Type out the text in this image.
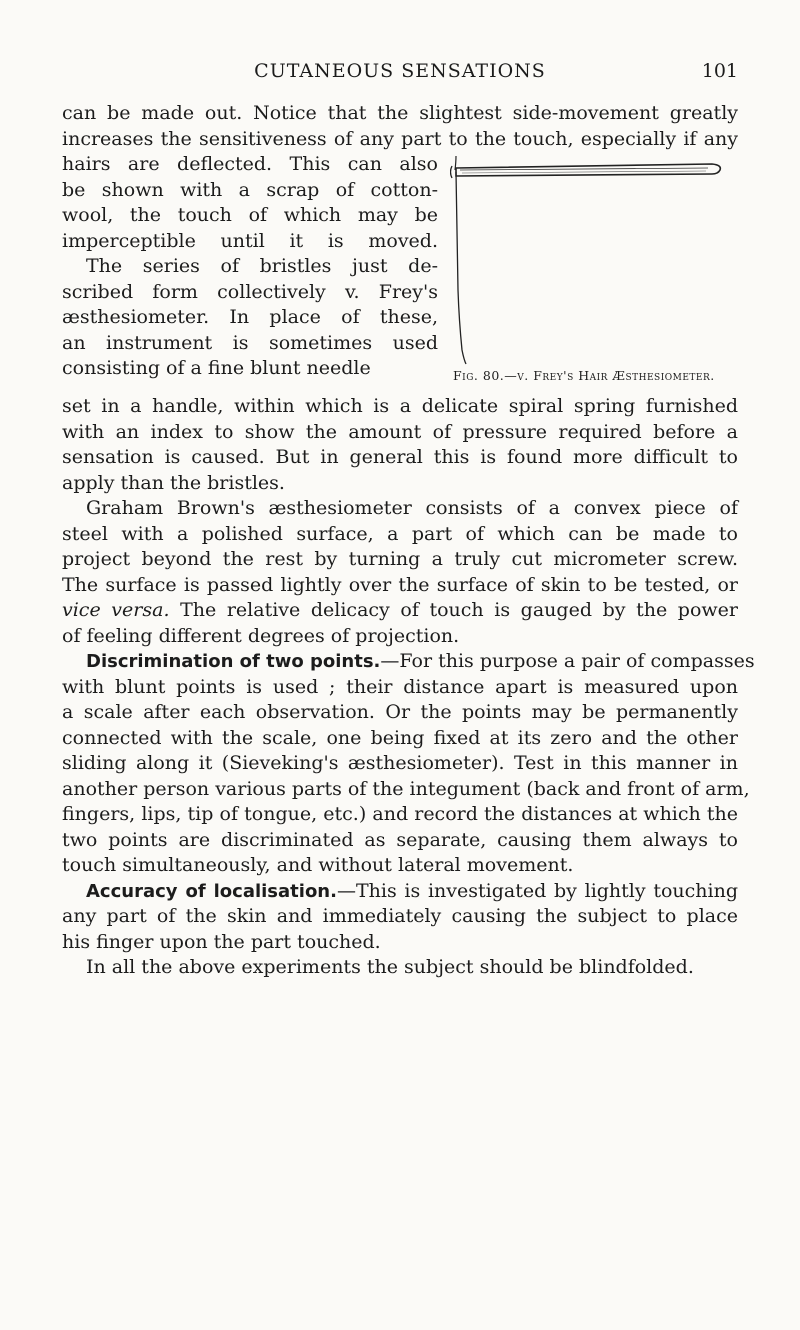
CUTANEOUS SENSATIONS	101
can be made out. Notice that the slightest side-movement greatly
increases the sensitiveness of any part to the touch, especially if any
hairs are deflected. This can also
be shown with a scrap of cotton-
wool, the touch of which may be
imperceptible until it is moved.
The series of bristles just de-
scribed form collectively v. Frey's
æsthesiometer. In place of these,
an instrument is sometimes used
consisting of a fine blunt needle	Fig. 80.—v. Frey's Hair Æsthesiometer.
set in a handle, within which is a delicate spiral spring furnished
with an index to show the amount of pressure required before a
sensation is caused. But in general this is found more difficult to
apply than the bristles.
Graham Brown's æsthesiometer consists of a convex piece of
steel with a polished surface, a part of which can be made to
project beyond the rest by turning a truly cut micrometer screw.
The surface is passed lightly over the surface of skin to be tested, or
vice versa. The relative delicacy of touch is gauged by the power
of feeling different degrees of projection.
Discrimination of two points.—For this purpose a pair of compasses
with blunt points is used ; their distance apart is measured upon
a scale after each observation. Or the points may be permanently
connected with the scale, one being fixed at its zero and the other
sliding along it (Sieveking's æsthesiometer). Test in this manner in
another person various parts of the integument (back and front of arm,
fingers, lips, tip of tongue, etc.) and record the distances at which the
two points are discriminated as separate, causing them always to
touch simultaneously, and without lateral movement.
Accuracy of localisation.—This is investigated by lightly touching
any part of the skin and immediately causing the subject to place
his finger upon the part touched.
In all the above experiments the subject should be blindfolded.
